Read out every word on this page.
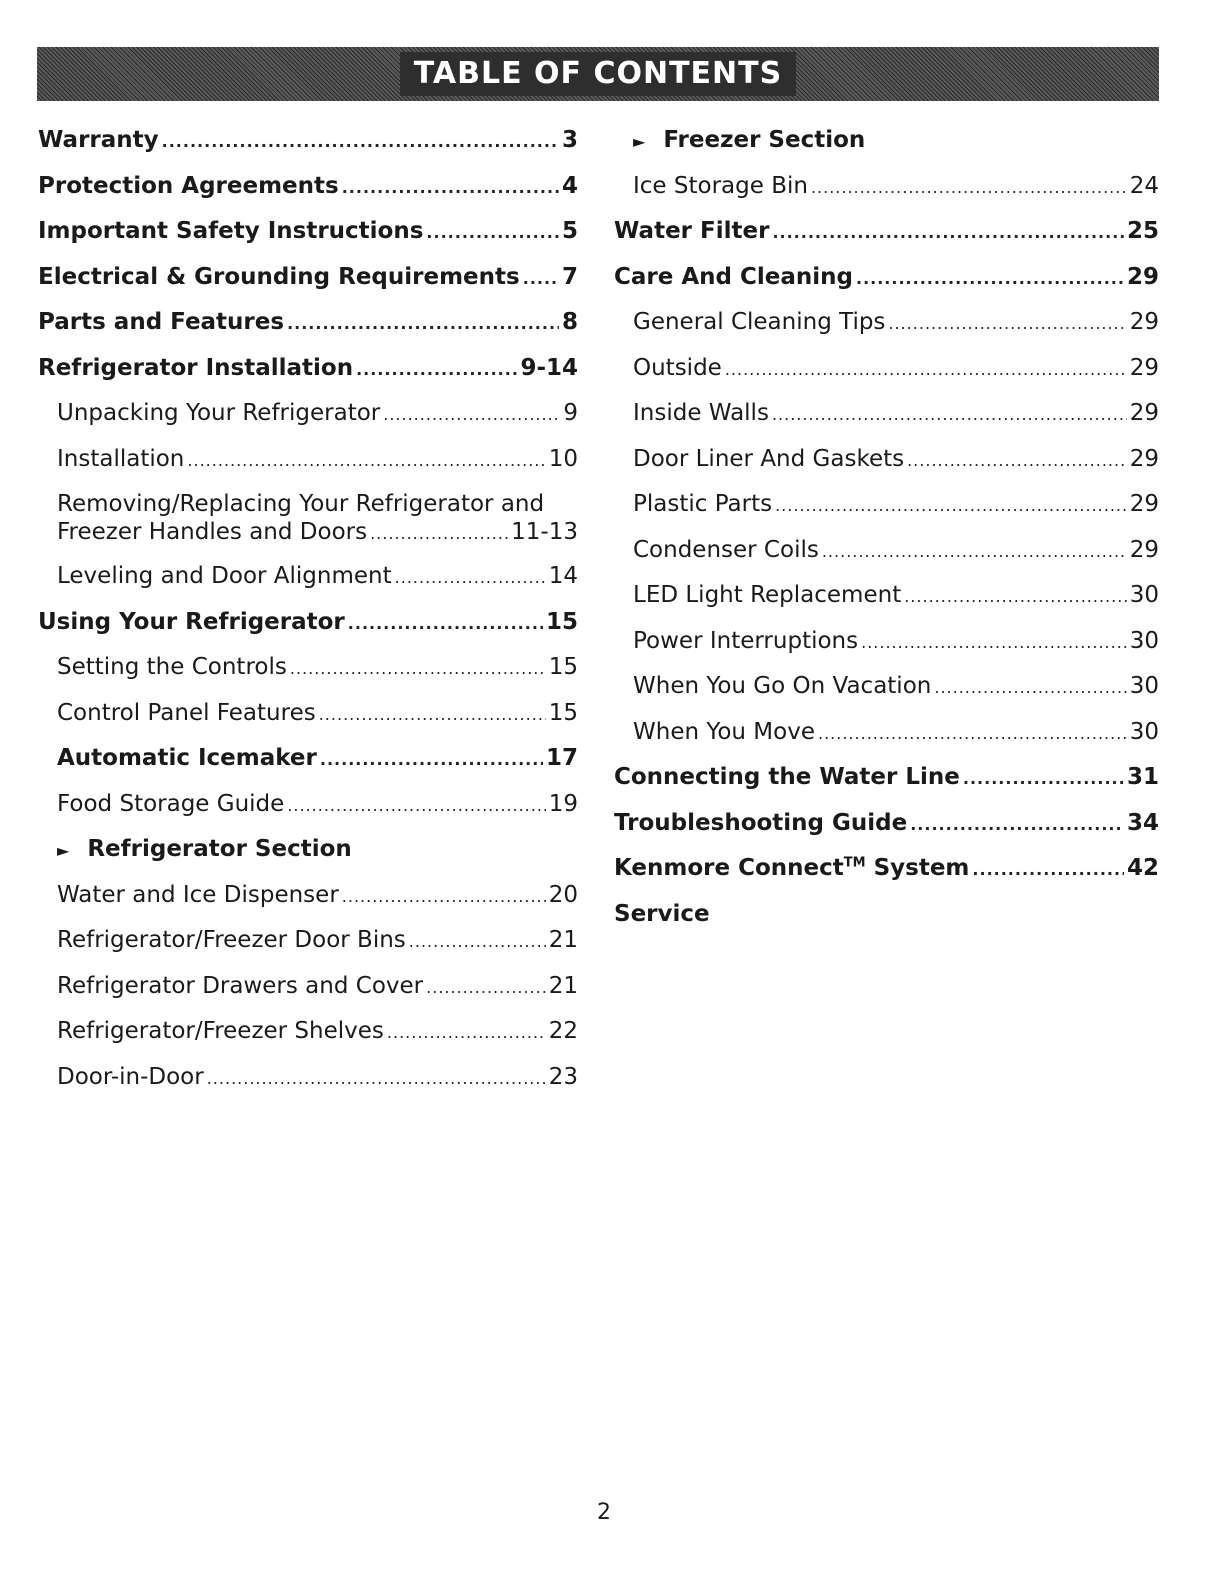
TABLE OF CONTENTS
Warranty .....	3
Protection Agreements .....	4
Important Safety Instructions .....	5
Electrical & Grounding Requirements ..... 7
Parts and Features .....	8
Refrigerator Installation .....	9-14
Unpacking Your Refrigerator .....	9
Installation .....	10
Removing/Replacing Your Refrigerator and
Freezer Handles and Doors .....	11-13
Leveling and Door Alignment .....	14
Using Your Refrigerator .....	15
Setting the Controls .....	15
Control Panel Features .....	15
Automatic Icemaker .....	17
Food Storage Guide .....	19
► Refrigerator Section
Water and Ice Dispenser .....	20
Refrigerator/Freezer Door Bins .....	21
Refrigerator Drawers and Cover .....	21
Refrigerator/Freezer Shelves .....	22
Door-in-Door .....	23
► Freezer Section
Ice Storage Bin .....	24
Water Filter .....	25
Care And Cleaning .....	29
General Cleaning Tips .....	29
Outside .....	29
Inside Walls .....	29
Door Liner And Gaskets .....	29
Plastic Parts .....	29
Condenser Coils .....	29
LED Light Replacement .....	30
Power Interruptions .....	30
When You Go On Vacation .....	30
When You Move .....	30
Connecting the Water Line .....	31
Troubleshooting Guide .....	34
Kenmore Connect™ System .....	42
Service
2
